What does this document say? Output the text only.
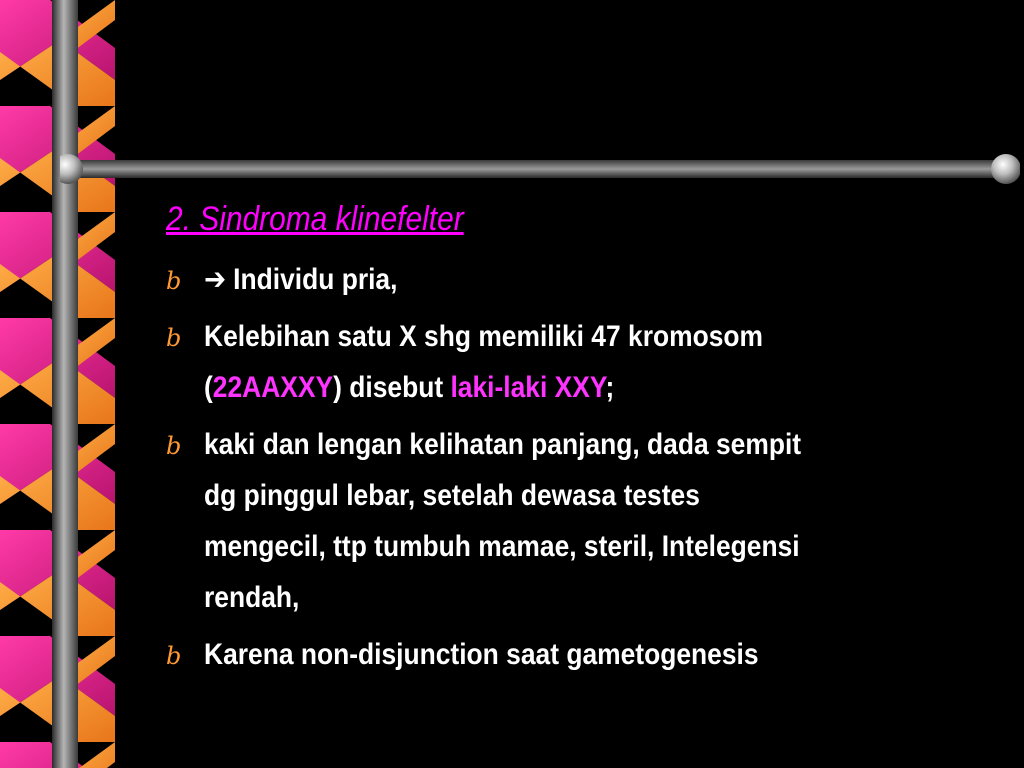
2. Sindroma klinefelter
b ➔ Individu pria,
b Kelebihan satu X shg memiliki 47 kromosom
(22AAXXY) disebut laki-laki XXY;
b kaki dan lengan kelihatan panjang, dada sempit
dg pinggul lebar, setelah dewasa testes
mengecil, ttp tumbuh mamae, steril, Intelegensi
rendah,
b Karena non-disjunction saat gametogenesis
